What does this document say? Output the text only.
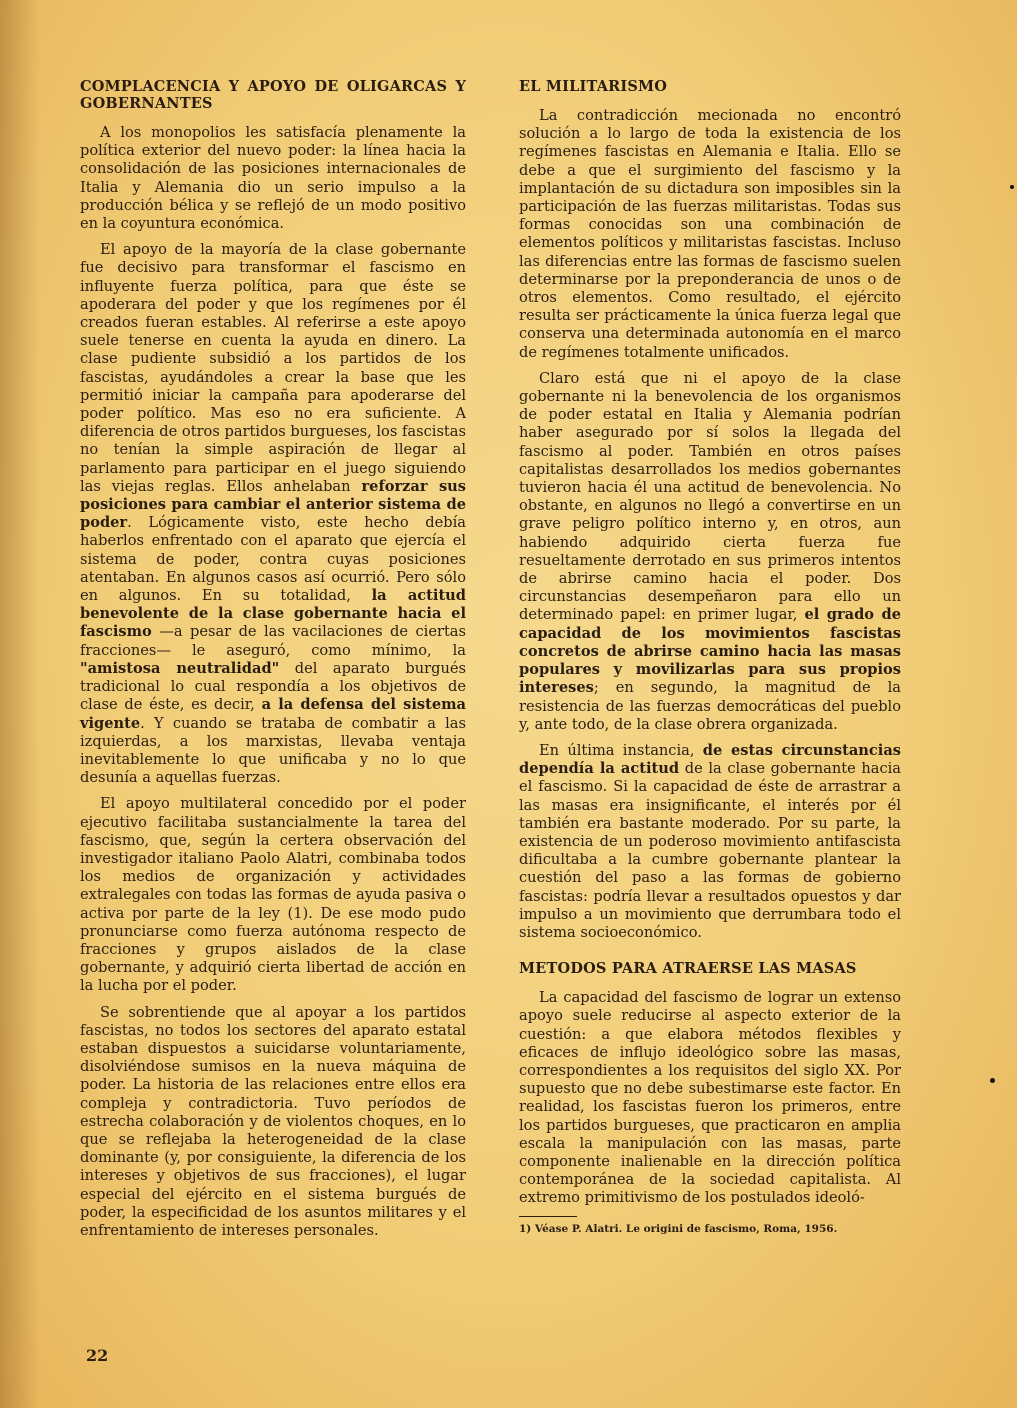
COMPLACENCIA Y APOYO DE OLIGARCAS Y GOBERNANTES

A los monopolios les satisfacía plenamente la política exterior del nuevo poder: la línea hacia la consolidación de las posiciones internacionales de Italia y Alemania dio un serio impulso a la producción bélica y se reflejó de un modo positivo en la coyuntura económica.

El apoyo de la mayoría de la clase gobernante fue decisivo para transformar el fascismo en influyente fuerza política, para que éste se apoderara del poder y que los regímenes por él creados fueran estables. Al referirse a este apoyo suele tenerse en cuenta la ayuda en dinero. La clase pudiente subsidió a los partidos de los fascistas, ayudándoles a crear la base que les permitió iniciar la campaña para apoderarse del poder político. Mas eso no era suficiente. A diferencia de otros partidos burgueses, los fascistas no tenían la simple aspiración de llegar al parlamento para participar en el juego siguiendo las viejas reglas. Ellos anhelaban reforzar sus posiciones para cambiar el anterior sistema de poder. Lógicamente visto, este hecho debía haberlos enfrentado con el aparato que ejercía el sistema de poder, contra cuyas posiciones atentaban. En algunos casos así ocurrió. Pero sólo en algunos. En su totalidad, la actitud benevolente de la clase gobernante hacia el fascismo —a pesar de las vacilaciones de ciertas fracciones— le aseguró, como mínimo, la "amistosa neutralidad" del aparato burgués tradicional lo cual respondía a los objetivos de clase de éste, es decir, a la defensa del sistema vigente. Y cuando se trataba de combatir a las izquierdas, a los marxistas, llevaba ventaja inevitablemente lo que unificaba y no lo que desunía a aquellas fuerzas.

El apoyo multilateral concedido por el poder ejecutivo facilitaba sustancialmente la tarea del fascismo, que, según la certera observación del investigador italiano Paolo Alatri, combinaba todos los medios de organización y actividades extralegales con todas las formas de ayuda pasiva o activa por parte de la ley (1). De ese modo pudo pronunciarse como fuerza autónoma respecto de fracciones y grupos aislados de la clase gobernante, y adquirió cierta libertad de acción en la lucha por el poder.

Se sobrentiende que al apoyar a los partidos fascistas, no todos los sectores del aparato estatal estaban dispuestos a suicidarse voluntariamente, disolviéndose sumisos en la nueva máquina de poder. La historia de las relaciones entre ellos era compleja y contradictoria. Tuvo períodos de estrecha colaboración y de violentos choques, en lo que se reflejaba la heterogeneidad de la clase dominante (y, por consiguiente, la diferencia de los intereses y objetivos de sus fracciones), el lugar especial del ejército en el sistema burgués de poder, la especificidad de los asuntos militares y el enfrentamiento de intereses personales.

EL MILITARISMO

La contradicción mecionada no encontró solución a lo largo de toda la existencia de los regímenes fascistas en Alemania e Italia. Ello se debe a que el surgimiento del fascismo y la implantación de su dictadura son imposibles sin la participación de las fuerzas militaristas. Todas sus formas conocidas son una combinación de elementos políticos y militaristas fascistas. Incluso las diferencias entre las formas de fascismo suelen determinarse por la preponderancia de unos o de otros elementos. Como resultado, el ejército resulta ser prácticamente la única fuerza legal que conserva una determinada autonomía en el marco de regímenes totalmente unificados.

Claro está que ni el apoyo de la clase gobernante ni la benevolencia de los organismos de poder estatal en Italia y Alemania podrían haber asegurado por sí solos la llegada del fascismo al poder. También en otros países capitalistas desarrollados los medios gobernantes tuvieron hacia él una actitud de benevolencia. No obstante, en algunos no llegó a convertirse en un grave peligro político interno y, en otros, aun habiendo adquirido cierta fuerza fue resueltamente derrotado en sus primeros intentos de abrirse camino hacia el poder. Dos circunstancias desempeñaron para ello un determinado papel: en primer lugar, el grado de capacidad de los movimientos fascistas concretos de abrirse camino hacia las masas populares y movilizarlas para sus propios intereses; en segundo, la magnitud de la resistencia de las fuerzas democráticas del pueblo y, ante todo, de la clase obrera organizada.

En última instancia, de estas circunstancias dependía la actitud de la clase gobernante hacia el fascismo. Si la capacidad de éste de arrastrar a las masas era insignificante, el interés por él también era bastante moderado. Por su parte, la existencia de un poderoso movimiento antifascista dificultaba a la cumbre gobernante plantear la cuestión del paso a las formas de gobierno fascistas: podría llevar a resultados opuestos y dar impulso a un movimiento que derrumbara todo el sistema socioeconómico.

METODOS PARA ATRAERSE LAS MASAS

La capacidad del fascismo de lograr un extenso apoyo suele reducirse al aspecto exterior de la cuestión: a que elabora métodos flexibles y eficaces de influjo ideológico sobre las masas, correspondientes a los requisitos del siglo XX. Por supuesto que no debe subestimarse este factor. En realidad, los fascistas fueron los primeros, entre los partidos burgueses, que practicaron en amplia escala la manipulación con las masas, parte componente inalienable en la dirección política contemporánea de la sociedad capitalista. Al extremo primitivismo de los postulados ideoló-

1) Véase P. Alatri. Le origini de fascismo, Roma, 1956.
22
